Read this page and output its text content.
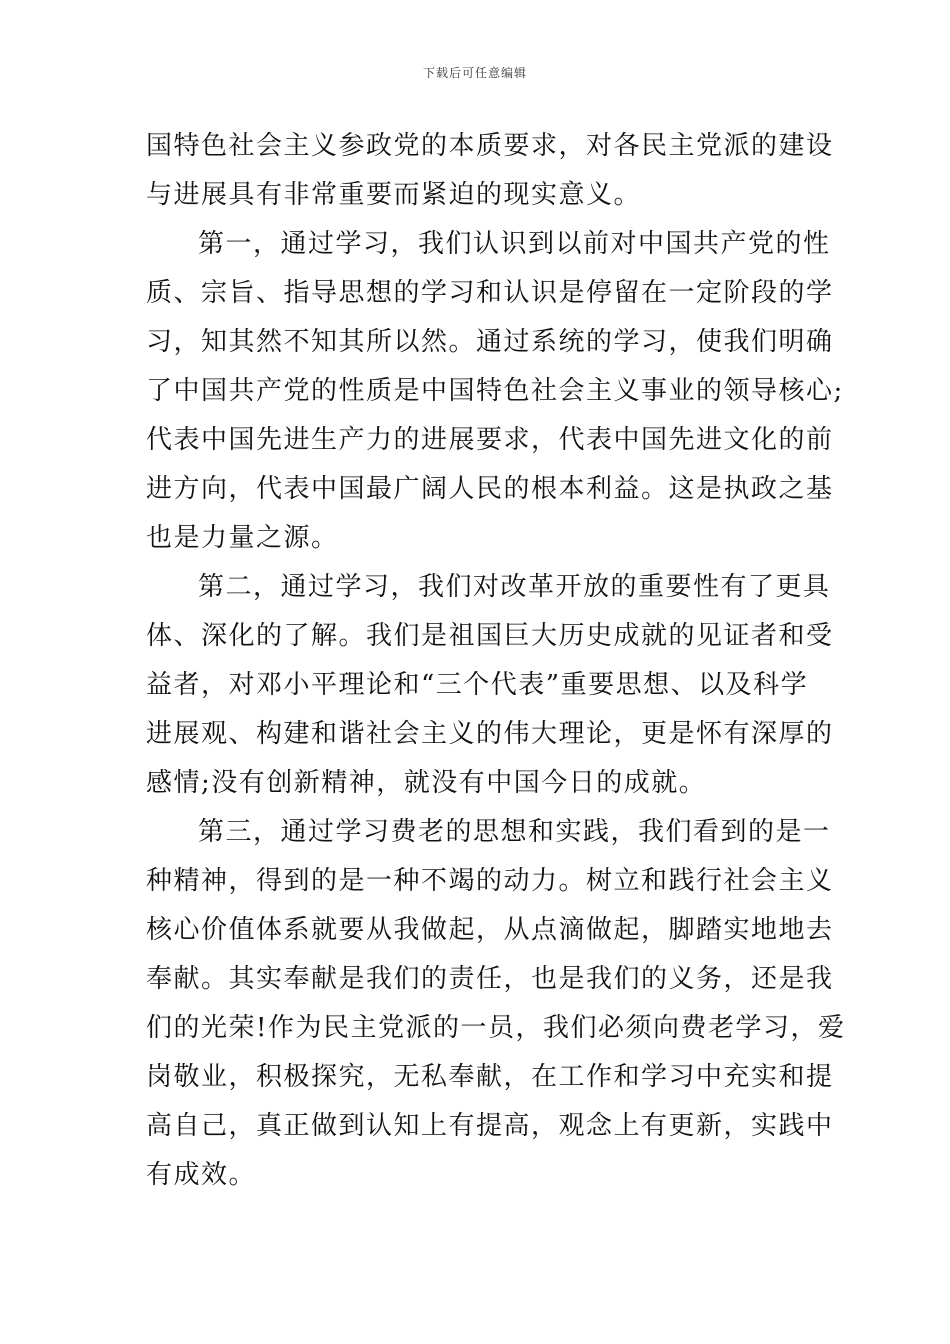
下载后可任意编辑
国特色社会主义参政党的本质要求，对各民主党派的建设
与进展具有非常重要而紧迫的现实意义。
第一，通过学习，我们认识到以前对中国共产党的性
质、宗旨、指导思想的学习和认识是停留在一定阶段的学
习，知其然不知其所以然。通过系统的学习，使我们明确
了中国共产党的性质是中国特色社会主义事业的领导核心;
代表中国先进生产力的进展要求，代表中国先进文化的前
进方向，代表中国最广阔人民的根本利益。这是执政之基
也是力量之源。
第二，通过学习，我们对改革开放的重要性有了更具
体、深化的了解。我们是祖国巨大历史成就的见证者和受
益者，对邓小平理论和“三个代表”重要思想、以及科学
进展观、构建和谐社会主义的伟大理论，更是怀有深厚的
感情;没有创新精神，就没有中国今日的成就。
第三，通过学习费老的思想和实践，我们看到的是一
种精神，得到的是一种不竭的动力。树立和践行社会主义
核心价值体系就要从我做起，从点滴做起，脚踏实地地去
奉献。其实奉献是我们的责任，也是我们的义务，还是我
们的光荣!作为民主党派的一员，我们必须向费老学习，爱
岗敬业，积极探究，无私奉献，在工作和学习中充实和提
高自己，真正做到认知上有提高，观念上有更新，实践中
有成效。
